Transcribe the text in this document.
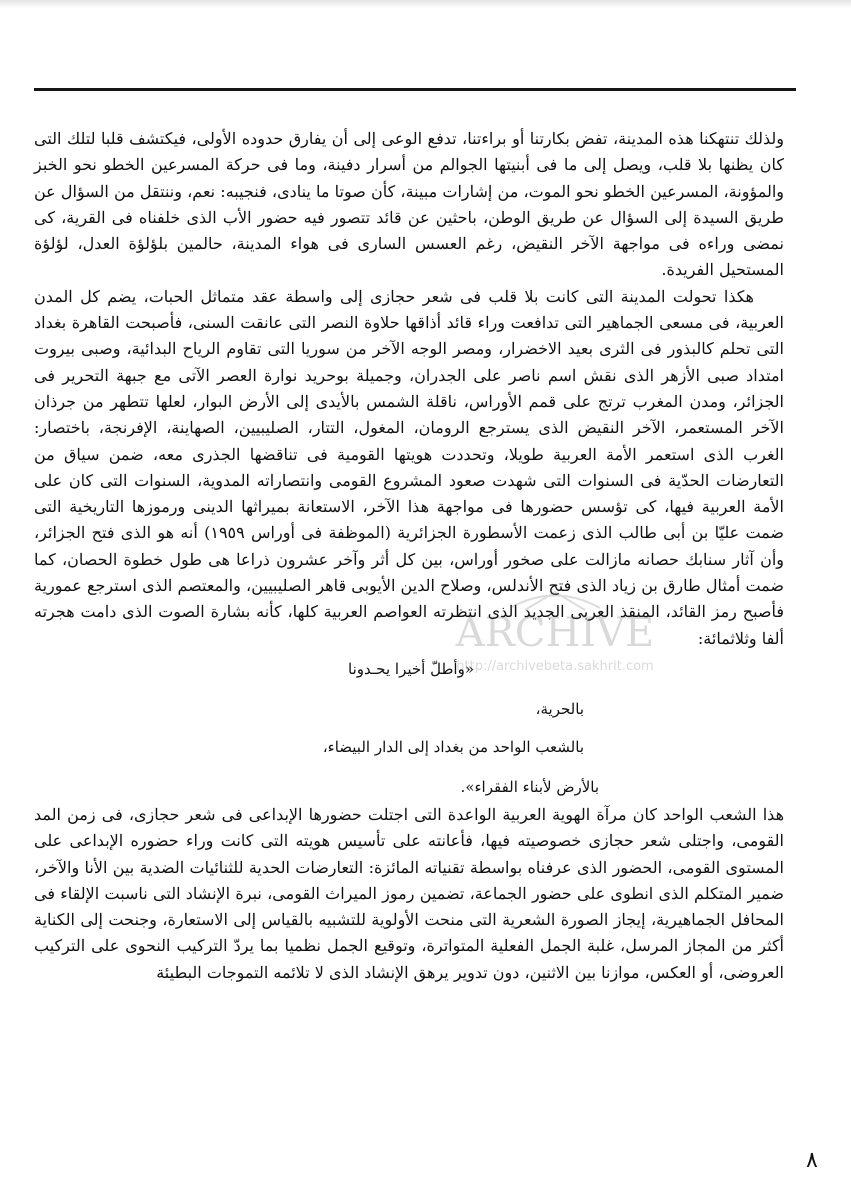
ولذلك تنتهكنا هذه المدينة، تفض بكارتنا أو براءتنا، تدفع الوعى إلى أن يفارق حدوده الأولى، فيكتشف قلبا لتلك التى كان يظنها بلا قلب، ويصل إلى ما فى أبنيتها الجوالم من أسرار دفينة، وما فى حركة المسرعين الخطو نحو الخبز والمؤونة، المسرعين الخطو نحو الموت، من إشارات مبينة، كأن صوتا ما ينادى، فنجيبه: نعم، وننتقل من السؤال عن طريق السيدة إلى السؤال عن طريق الوطن، باحثين عن قائد تتصور فيه حضور الأب الذى خلفناه فى القرية، كى نمضى وراءه فى مواجهة الآخر النقيض، رغم العسس السارى فى هواء المدينة، حالمين بلؤلؤة العدل، لؤلؤة المستحيل الفريدة.

هكذا تحولت المدينة التى كانت بلا قلب فى شعر حجازى إلى واسطة عقد متماثل الحبات، يضم كل المدن العربية، فى مسعى الجماهير التى تدافعت وراء قائد أذاقها حلاوة النصر التى عانقت السنى، فأصبحت القاهرة بغداد التى تحلم كالبذور فى الثرى بعيد الاخضرار، ومصر الوجه الآخر من سوريا التى تقاوم الرياح البدائية، وصبى بيروت امتداد صبى الأزهر الذى نقش اسم ناصر على الجدران، وجميلة بوحريد نوارة العصر الآتى مع جبهة التحرير فى الجزائر، ومدن المغرب ترتج على قمم الأوراس، ناقلة الشمس بالأيدى إلى الأرض البوار، لعلها تتطهر من جرذان الآخر المستعمر، الآخر النقيض الذى يسترجع الرومان، المغول، التتار، الصليبيين، الصهاينة، الإفرنجة، باختصار: الغرب الذى استعمر الأمة العربية طويلا، وتحددت هويتها القومية فى تناقضها الجذرى معه، ضمن سياق من التعارضات الحدّية فى السنوات التى شهدت صعود المشروع القومى وانتصاراته المدوية، السنوات التى كان على الأمة العربية فيها، كى تؤسس حضورها فى مواجهة هذا الآخر، الاستعانة بميراثها الدينى ورموزها التاريخية التى ضمت عليّا بن أبى طالب الذى زعمت الأسطورة الجزائرية (الموظفة فى أوراس ١٩٥٩) أنه هو الذى فتح الجزائر، وأن آثار سنابك حصانه مازالت على صخور أوراس، بين كل أثر وآخر عشرون ذراعا هى طول خطوة الحصان، كما ضمت أمثال طارق بن زياد الذى فتح الأندلس، وصلاح الدين الأيوبى قاهر الصليبيين، والمعتصم الذى استرجع عمورية فأصبح رمز القائد، المنقذ العربى الجديد الذى انتظرته العواصم العربية كلها، كأنه بشارة الصوت الذى دامت هجرته ألفا وثلاثمائة:

«وأطلّ أخيرا يحـدونا
بالحرية،
بالشعب الواحد من بغداد إلى الدار البيضاء،
بالأرض لأبناء الفقراء».

هذا الشعب الواحد كان مرآة الهوية العربية الواعدة التى اجتلت حضورها الإبداعى فى شعر حجازى، فى زمن المد القومى، واجتلى شعر حجازى خصوصيته فيها، فأعانته على تأسيس هويته التى كانت وراء حضوره الإبداعى على المستوى القومى، الحضور الذى عرفناه بواسطة تقنياته المائزة: التعارضات الحدية للثنائيات الضدية بين الأنا والآخر، ضمير المتكلم الذى انطوى على حضور الجماعة، تضمين رموز الميراث القومى، نبرة الإنشاد التى ناسبت الإلقاء فى المحافل الجماهيرية، إيجاز الصورة الشعرية التى منحت الأولوية للتشبيه بالقياس إلى الاستعارة، وجنحت إلى الكناية أكثر من المجاز المرسل، غلبة الجمل الفعلية المتواترة، وتوقيع الجمل نظميا بما يردّ التركيب النحوى على التركيب العروضى، أو العكس، موازنا بين الاثنين، دون تدوير يرهق الإنشاد الذى لا تلائمه التموجات البطيئة

ARCHIVE
http://archivebeta.sakhrit.com
٨
